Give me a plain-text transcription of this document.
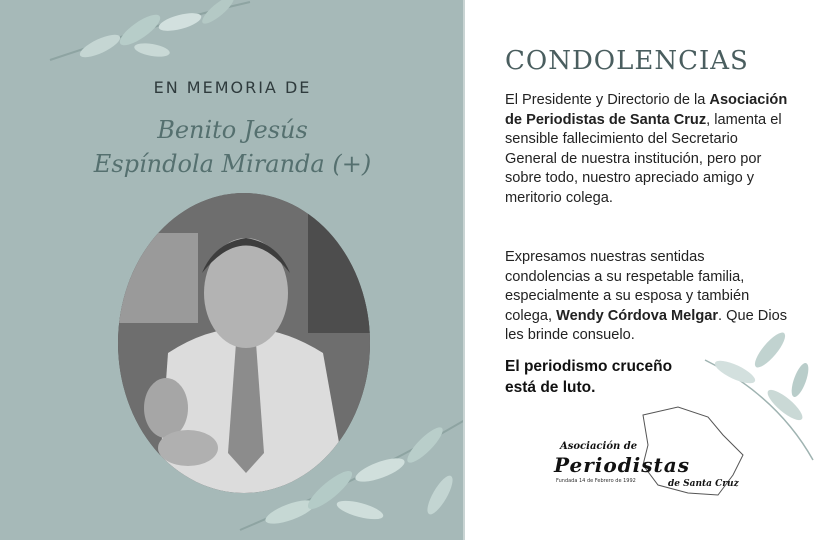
EN MEMORIA DE
Benito Jesús
Espíndola Miranda (+)
CONDOLENCIAS
El Presidente y Directorio de la Asociación de Periodistas de Santa Cruz, lamenta el sensible fallecimiento del Secretario General de nuestra institución, pero por sobre todo, nuestro apreciado amigo y meritorio colega.
Expresamos nuestras sentidas condolencias a su respetable familia, especialmente a su esposa y también colega, Wendy Córdova Melgar. Que Dios les brinde consuelo.
El periodismo cruceño
está de luto.
Asociación de
Periodistas
Fundada 14 de Febrero de 1992	de Santa Cruz
